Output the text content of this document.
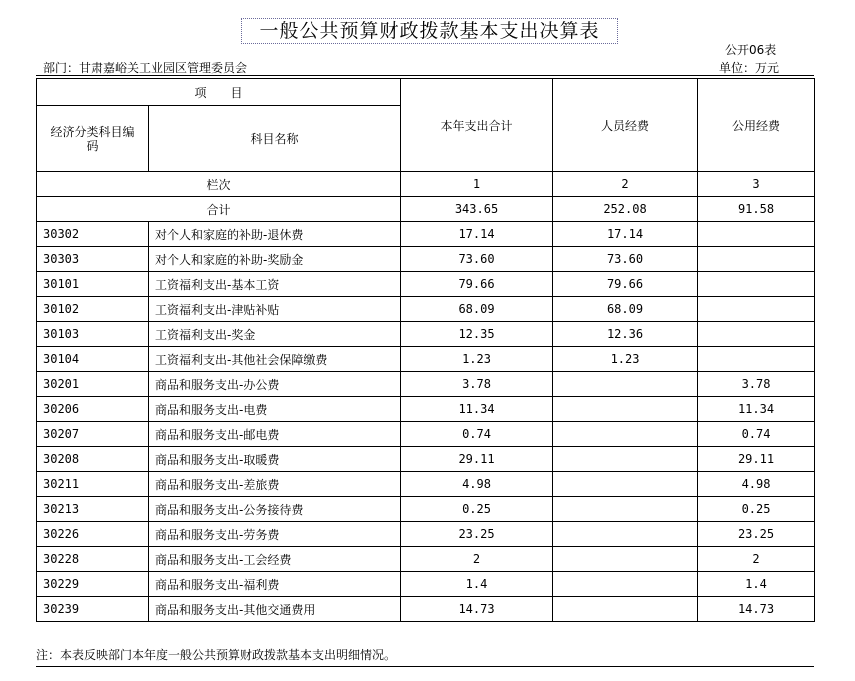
一般公共预算财政拨款基本支出决算表
公开06表
部门：甘肃嘉峪关工业园区管理委员会	单位：万元
项　　目		本年支出合计	人员经费	公用经费
经济分类科目编码	科目名称			
栏次		1	2	3
合计		343.65	252.08	91.58
30302	对个人和家庭的补助-退休费	17.14	17.14	
30303	对个人和家庭的补助-奖励金	73.60	73.60	
30101	工资福利支出-基本工资	79.66	79.66	
30102	工资福利支出-津贴补贴	68.09	68.09	
30103	工资福利支出-奖金	12.35	12.36	
30104	工资福利支出-其他社会保障缴费	1.23	1.23	
30201	商品和服务支出-办公费	3.78		3.78
30206	商品和服务支出-电费	11.34		11.34
30207	商品和服务支出-邮电费	0.74		0.74
30208	商品和服务支出-取暖费	29.11		29.11
30211	商品和服务支出-差旅费	4.98		4.98
30213	商品和服务支出-公务接待费	0.25		0.25
30226	商品和服务支出-劳务费	23.25		23.25
30228	商品和服务支出-工会经费	2		2
30229	商品和服务支出-福利费	1.4		1.4
30239	商品和服务支出-其他交通费用	14.73		14.73
注：本表反映部门本年度一般公共预算财政拨款基本支出明细情况。
